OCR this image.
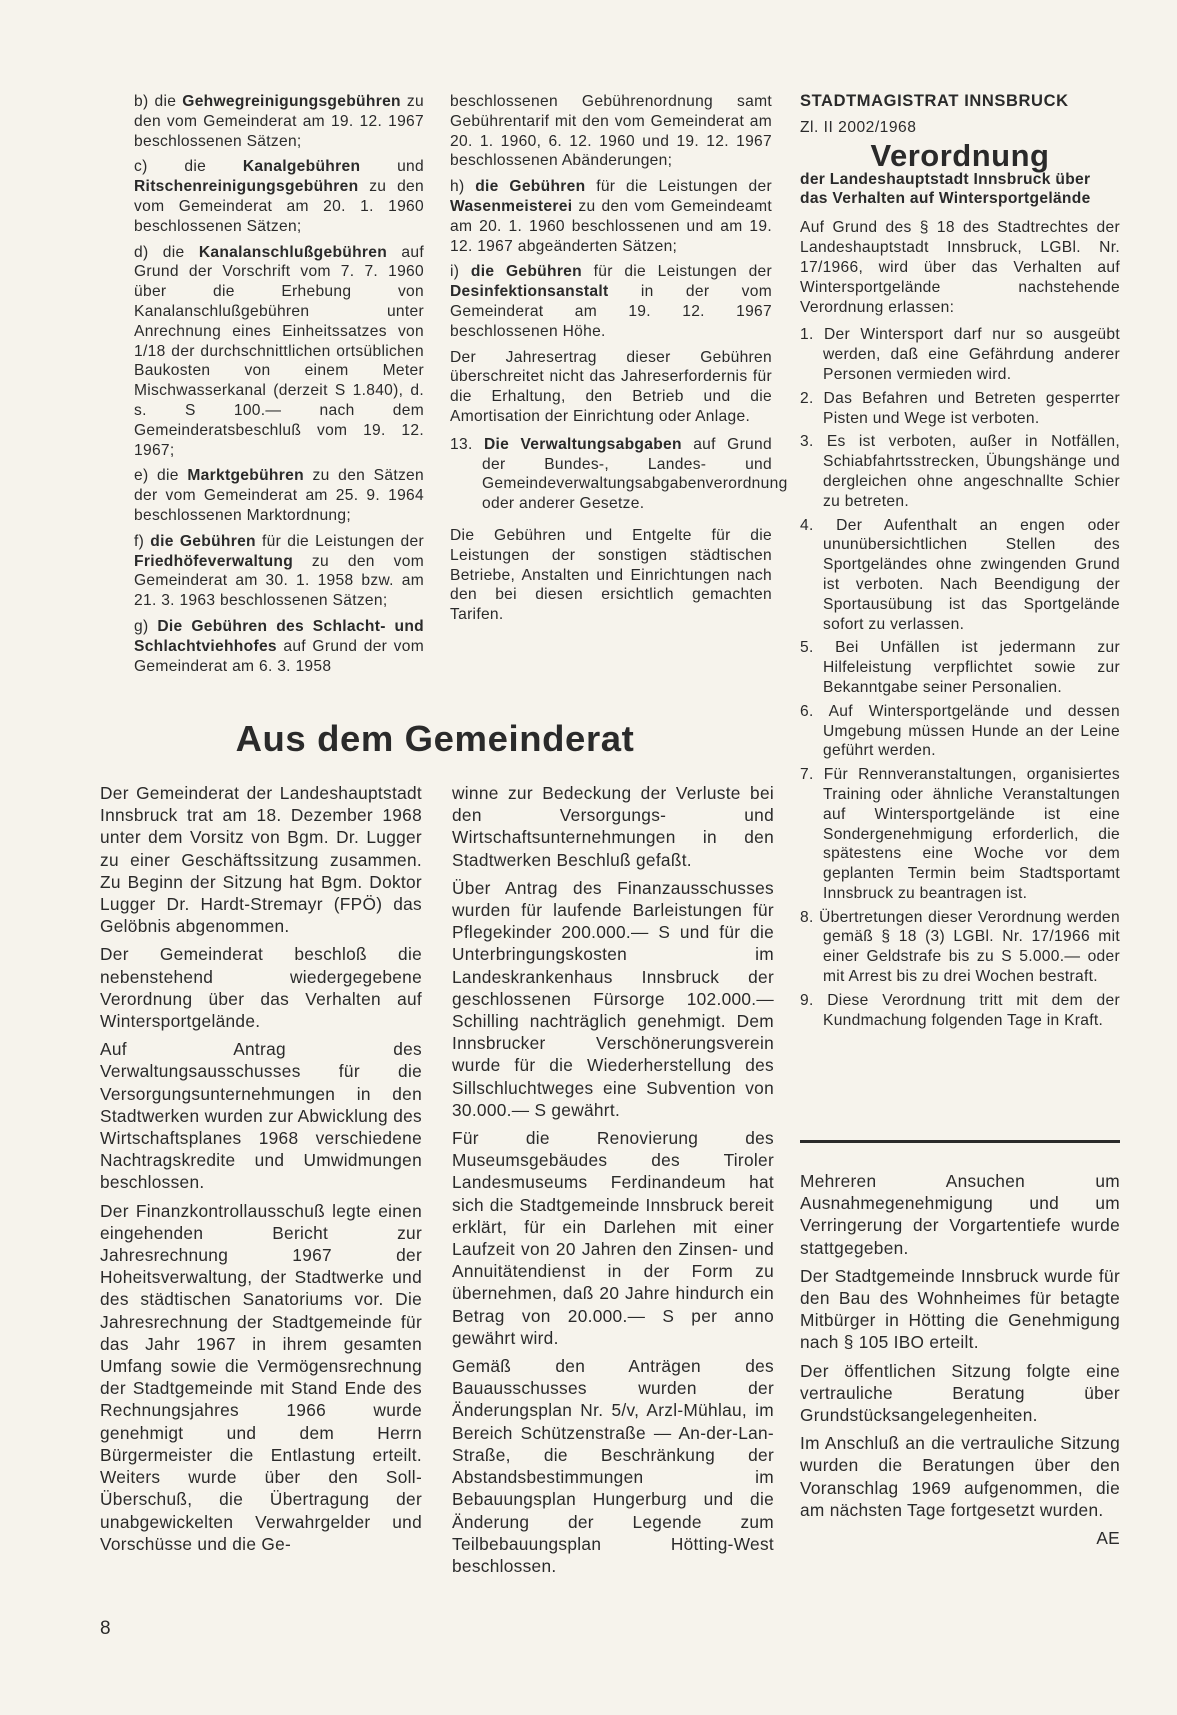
b) die Gehwegreinigungsgebühren zu den vom Gemeinderat am 19. 12. 1967 beschlossenen Sätzen;

c) die Kanalgebühren und Ritschenreinigungsgebühren zu den vom Gemeinderat am 20. 1. 1960 beschlossenen Sätzen;

d) die Kanalanschlußgebühren auf Grund der Vorschrift vom 7. 7. 1960 über die Erhebung von Kanalanschlußgebühren unter Anrechnung eines Einheitssatzes von 1/18 der durchschnittlichen ortsüblichen Baukosten von einem Meter Mischwasserkanal (derzeit S 1.840), d. s. S 100.— nach dem Gemeinderatsbeschluß vom 19. 12. 1967;

e) die Marktgebühren zu den Sätzen der vom Gemeinderat am 25. 9. 1964 beschlossenen Marktordnung;

f) die Gebühren für die Leistungen der Friedhöfeverwaltung zu den vom Gemeinderat am 30. 1. 1958 bzw. am 21. 3. 1963 beschlossenen Sätzen;

g) Die Gebühren des Schlacht- und Schlachtviehhofes auf Grund der vom Gemeinderat am 6. 3. 1958

beschlossenen Gebührenordnung samt Gebührentarif mit den vom Gemeinderat am 20. 1. 1960, 6. 12. 1960 und 19. 12. 1967 beschlossenen Abänderungen;

h) die Gebühren für die Leistungen der Wasenmeisterei zu den vom Gemeindeamt am 20. 1. 1960 beschlossenen und am 19. 12. 1967 abgeänderten Sätzen;

i) die Gebühren für die Leistungen der Desinfektionsanstalt in der vom Gemeinderat am 19. 12. 1967 beschlossenen Höhe.

Der Jahresertrag dieser Gebühren überschreitet nicht das Jahreserfordernis für die Erhaltung, den Betrieb und die Amortisation der Einrichtung oder Anlage.

13. Die Verwaltungsabgaben auf Grund der Bundes-, Landes- und Gemeindeverwaltungsabgabenverordnung oder anderer Gesetze.

Die Gebühren und Entgelte für die Leistungen der sonstigen städtischen Betriebe, Anstalten und Einrichtungen nach den bei diesen ersichtlich gemachten Tarifen.

STADTMAGISTRAT INNSBRUCK

Zl. II 2002/1968

Verordnung

der Landeshauptstadt Innsbruck über das Verhalten auf Wintersportgelände

Auf Grund des § 18 des Stadtrechtes der Landeshauptstadt Innsbruck, LGBl. Nr. 17/1966, wird über das Verhalten auf Wintersportgelände nachstehende Verordnung erlassen:

1. Der Wintersport darf nur so ausgeübt werden, daß eine Gefährdung anderer Personen vermieden wird.

2. Das Befahren und Betreten gesperrter Pisten und Wege ist verboten.

3. Es ist verboten, außer in Notfällen, Schiabfahrtsstrecken, Übungshänge und dergleichen ohne angeschnallte Schier zu betreten.

4. Der Aufenthalt an engen oder ununübersichtlichen Stellen des Sportgeländes ohne zwingenden Grund ist verboten. Nach Beendigung der Sportausübung ist das Sportgelände sofort zu verlassen.

5. Bei Unfällen ist jedermann zur Hilfeleistung verpflichtet sowie zur Bekanntgabe seiner Personalien.

6. Auf Wintersportgelände und dessen Umgebung müssen Hunde an der Leine geführt werden.

7. Für Rennveranstaltungen, organisiertes Training oder ähnliche Veranstaltungen auf Wintersportgelände ist eine Sondergenehmigung erforderlich, die spätestens eine Woche vor dem geplanten Termin beim Stadtsportamt Innsbruck zu beantragen ist.

8. Übertretungen dieser Verordnung werden gemäß § 18 (3) LGBl. Nr. 17/1966 mit einer Geldstrafe bis zu S 5.000.— oder mit Arrest bis zu drei Wochen bestraft.

9. Diese Verordnung tritt mit dem der Kundmachung folgenden Tage in Kraft.

Aus dem Gemeinderat

Der Gemeinderat der Landeshauptstadt Innsbruck trat am 18. Dezember 1968 unter dem Vorsitz von Bgm. Dr. Lugger zu einer Geschäftssitzung zusammen. Zu Beginn der Sitzung hat Bgm. Doktor Lugger Dr. Hardt-Stremayr (FPÖ) das Gelöbnis abgenommen.

Der Gemeinderat beschloß die nebenstehend wiedergegebene Verordnung über das Verhalten auf Wintersportgelände.

Auf Antrag des Verwaltungsausschusses für die Versorgungsunternehmungen in den Stadtwerken wurden zur Abwicklung des Wirtschaftsplanes 1968 verschiedene Nachtragskredite und Umwidmungen beschlossen.

Der Finanzkontrollausschuß legte einen eingehenden Bericht zur Jahresrechnung 1967 der Hoheitsverwaltung, der Stadtwerke und des städtischen Sanatoriums vor. Die Jahresrechnung der Stadtgemeinde für das Jahr 1967 in ihrem gesamten Umfang sowie die Vermögensrechnung der Stadtgemeinde mit Stand Ende des Rechnungsjahres 1966 wurde genehmigt und dem Herrn Bürgermeister die Entlastung erteilt. Weiters wurde über den Soll-Überschuß, die Übertragung der unabgewickelten Verwahrgelder und Vorschüsse und die Ge-

winne zur Bedeckung der Verluste bei den Versorgungs- und Wirtschaftsunternehmungen in den Stadtwerken Beschluß gefaßt.

Über Antrag des Finanzausschusses wurden für laufende Barleistungen für Pflegekinder 200.000.— S und für die Unterbringungskosten im Landeskrankenhaus Innsbruck der geschlossenen Fürsorge 102.000.— Schilling nachträglich genehmigt. Dem Innsbrucker Verschönerungsverein wurde für die Wiederherstellung des Sillschluchtweges eine Subvention von 30.000.— S gewährt.

Für die Renovierung des Museumsgebäudes des Tiroler Landesmuseums Ferdinandeum hat sich die Stadtgemeinde Innsbruck bereit erklärt, für ein Darlehen mit einer Laufzeit von 20 Jahren den Zinsen- und Annuitätendienst in der Form zu übernehmen, daß 20 Jahre hindurch ein Betrag von 20.000.— S per anno gewährt wird.

Gemäß den Anträgen des Bauausschusses wurden der Änderungsplan Nr. 5/v, Arzl-Mühlau, im Bereich Schützenstraße — An-der-Lan-Straße, die Beschränkung der Abstandsbestimmungen im Bebauungsplan Hungerburg und die Änderung der Legende zum Teilbebauungsplan Hötting-West beschlossen.

Mehreren Ansuchen um Ausnahmegenehmigung und um Verringerung der Vorgartentiefe wurde stattgegeben.

Der Stadtgemeinde Innsbruck wurde für den Bau des Wohnheimes für betagte Mitbürger in Hötting die Genehmigung nach § 105 IBO erteilt.

Der öffentlichen Sitzung folgte eine vertrauliche Beratung über Grundstücksangelegenheiten.

Im Anschluß an die vertrauliche Sitzung wurden die Beratungen über den Voranschlag 1969 aufgenommen, die am nächsten Tage fortgesetzt wurden.

AE

8
